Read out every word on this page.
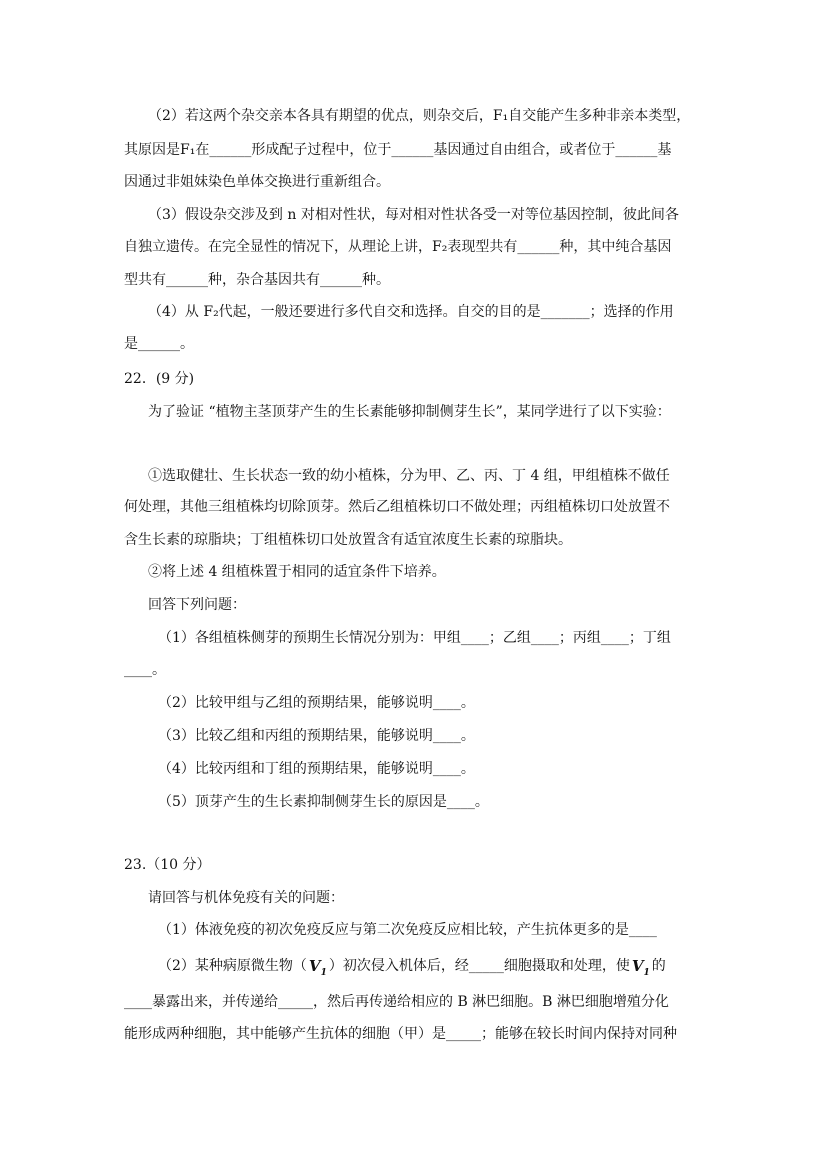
（2）若这两个杂交亲本各具有期望的优点，则杂交后，F₁自交能产生多种非亲本类型，
其原因是F₁在______形成配子过程中，位于______基因通过自由组合，或者位于______基
因通过非姐妹染色单体交换进行重新组合。
（3）假设杂交涉及到 n 对相对性状，每对相对性状各受一对等位基因控制，彼此间各
自独立遗传。在完全显性的情况下，从理论上讲，F₂表现型共有______种，其中纯合基因
型共有______种，杂合基因共有______种。
（4）从 F₂代起，一般还要进行多代自交和选择。自交的目的是_______；选择的作用
是______。
22．(9 分)
为了验证 “植物主茎顶芽产生的生长素能够抑制侧芽生长”，某同学进行了以下实验：
①选取健壮、生长状态一致的幼小植株，分为甲、乙、丙、丁 4 组，甲组植株不做任
何处理，其他三组植株均切除顶芽。然后乙组植株切口不做处理；丙组植株切口处放置不
含生长素的琼脂块；丁组植株切口处放置含有适宜浓度生长素的琼脂块。
②将上述 4 组植株置于相同的适宜条件下培养。
回答下列问题：
（1）各组植株侧芽的预期生长情况分别为：甲组____；乙组____；丙组____；丁组
____。
（2）比较甲组与乙组的预期结果，能够说明____。
（3）比较乙组和丙组的预期结果，能够说明____。
（4）比较丙组和丁组的预期结果，能够说明____。
（5）顶芽产生的生长素抑制侧芽生长的原因是____。
23.（10 分）
请回答与机体免疫有关的问题：
（1）体液免疫的初次免疫反应与第二次免疫反应相比较，产生抗体更多的是____
（2）某种病原微生物（ $V_1$ ）初次侵入机体后，经_____细胞摄取和处理，使 $V_1$ 的
____暴露出来，并传递给_____，然后再传递给相应的 B 淋巴细胞。B 淋巴细胞增殖分化
能形成两种细胞，其中能够产生抗体的细胞（甲）是_____；能够在较长时间内保持对同种
